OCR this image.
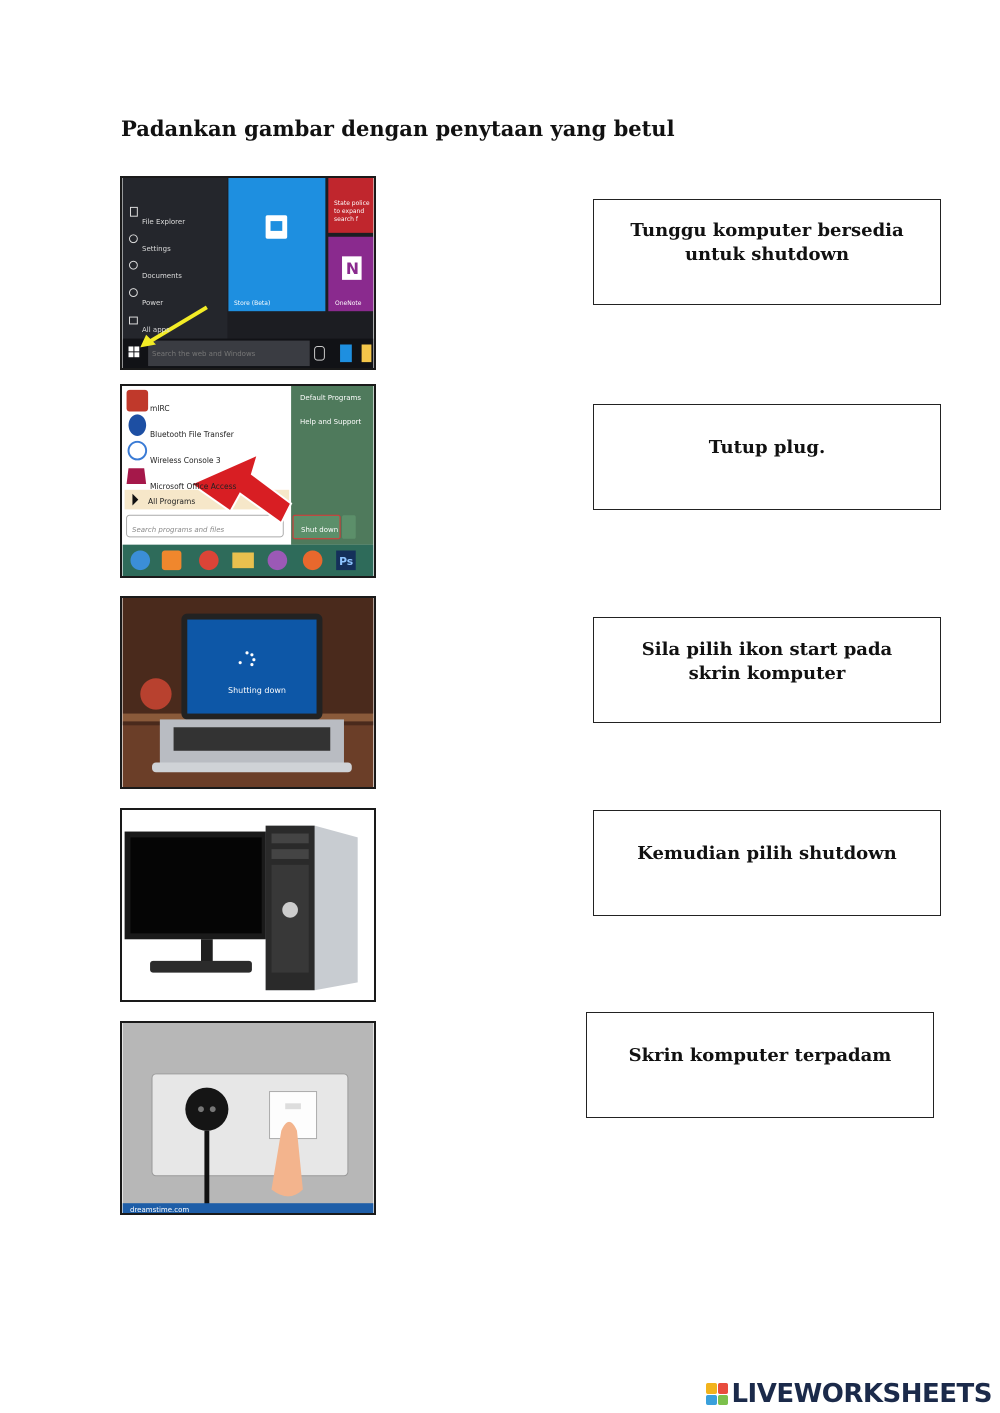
Padankan gambar dengan penytaan yang betul
N
File Explorer
Settings
Documents
Power
All apps
Store (Beta)	OneNote
State police to expand search f
Search the web and Windows
Ps
mIRC
Bluetooth File Transfer
Wireless Console 3
Microsoft Office Access
All Programs
Default Programs
Help and Support
Search programs and files	Shut down
Shutting down
dreamstime.com
Tunggu komputer bersedia untuk shutdown
Tutup plug.
Sila pilih ikon start pada skrin komputer
Kemudian pilih shutdown
Skrin komputer terpadam
LIVEWORKSHEETS
